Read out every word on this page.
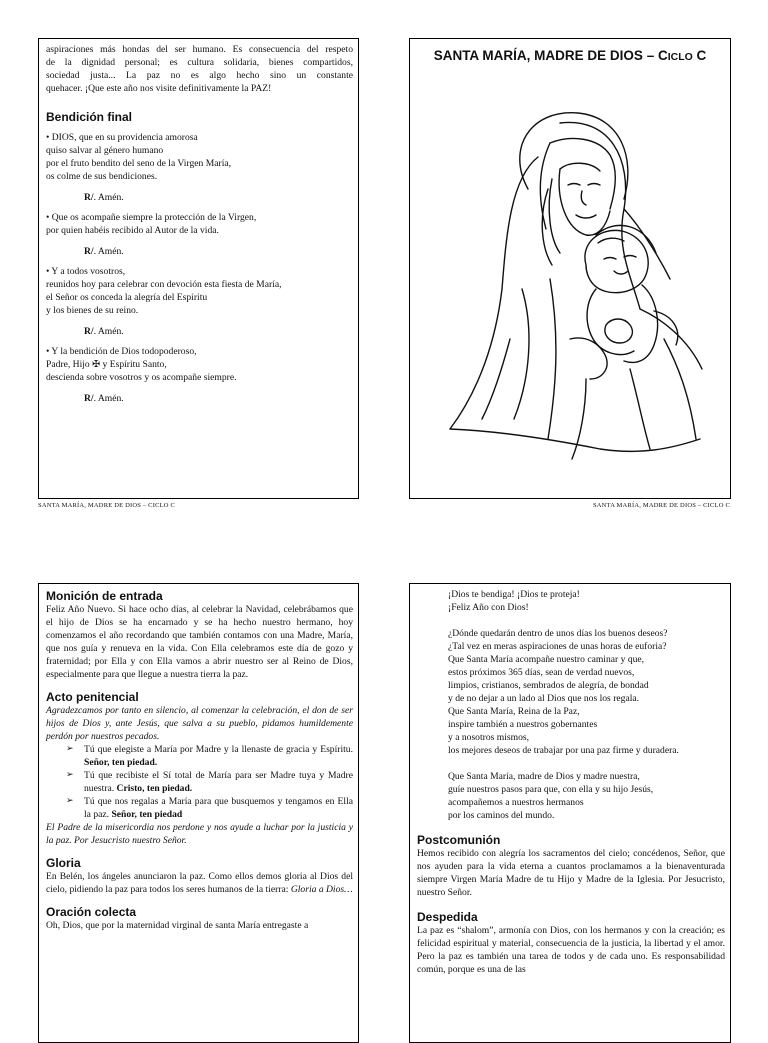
aspiraciones más hondas del ser humano. Es consecuencia del respeto

de la dignidad personal; es cultura solidaria, bienes compartidos,

sociedad justa... La paz no es algo hecho sino un constante

quehacer. ¡Que este año nos visite definitivamente la PAZ!

Bendición final

• DIOS, que en su providencia amorosa

quiso salvar al género humano

por el fruto bendito del seno de la Virgen María,

os colme de sus bendiciones.

R/. Amén.

• Que os acompañe siempre la protección de la Virgen,

por quien habéis recibido al Autor de la vida.

R/. Amén.

• Y a todos vosotros,

reunidos hoy para celebrar con devoción esta fiesta de María,

el Señor os conceda la alegría del Espíritu

y los bienes de su reino.

R/. Amén.

• Y la bendición de Dios todopoderoso,

Padre, Hijo ✠ y Espíritu Santo,

descienda sobre vosotros y os acompañe siempre.

R/. Amén.

SANTA MARÍA, MADRE DE DIOS – CICLO C
SANTA MARÍA, MADRE DE DIOS – CICLO C
SANTA MARÍA, MADRE DE DIOS – CICLO C
Monición de entrada

Feliz Año Nuevo. Si hace ocho días, al celebrar la Navidad, celebrábamos que el hijo de Dios se ha encarnado y se ha hecho nuestro hermano, hoy comenzamos el año recordando que también contamos con una Madre, María, que nos guía y renueva en la vida. Con Ella celebramos este día de gozo y fraternidad; por Ella y con Ella vamos a abrir nuestro ser al Reino de Dios, especialmente para que llegue a nuestra tierra la paz.

Acto penitencial

Agradezcamos por tanto en silencio, al comenzar la celebración, el don de ser hijos de Dios y, ante Jesús, que salva a su pueblo, pidamos humildemente perdón por nuestros pecados.

➢ Tú que elegiste a María por Madre y la llenaste de gracia y Espíritu. Señor, ten piedad.
➢ Tú que recibiste el Sí total de María para ser Madre tuya y Madre nuestra. Cristo, ten piedad.
➢ Tú que nos regalas a María para que busquemos y tengamos en Ella la paz. Señor, ten piedad

El Padre de la misericordia nos perdone y nos ayude a luchar por la justicia y la paz. Por Jesucristo nuestro Señor.

Gloria

En Belén, los ángeles anunciaron la paz. Como ellos demos gloria al Dios del cielo, pidiendo la paz para todos los seres humanos de la tierra: Gloria a Dios…

Oración colecta

Oh, Dios, que por la maternidad virginal de santa María entregaste a

¡Dios te bendiga! ¡Dios te proteja!

¡Feliz Año con Dios!

¿Dónde quedarán dentro de unos días los buenos deseos?

¿Tal vez en meras aspiraciones de unas horas de euforia?

Que Santa María acompañe nuestro caminar y que,

estos próximos 365 días, sean de verdad nuevos,

limpios, cristianos, sembrados de alegría, de bondad

y de no dejar a un lado al Dios que nos los regala.

Que Santa María, Reina de la Paz,

inspire también a nuestros gobernantes

y a nosotros mismos,

los mejores deseos de trabajar por una paz firme y duradera.

Que Santa María, madre de Dios y madre nuestra,

guíe nuestros pasos para que, con ella y su hijo Jesús,

acompañemos a nuestros hermanos

por los caminos del mundo.

Postcomunión

Hemos recibido con alegría los sacramentos del cielo; concédenos, Señor, que nos ayuden para la vida eterna a cuantos proclamamos a la bienaventurada siempre Virgen María Madre de tu Hijo y Madre de la Iglesia. Por Jesucristo, nuestro Señor.

Despedida

La paz es “shalom”, armonía con Dios, con los hermanos y con la creación; es felicidad espiritual y material, consecuencia de la justicia, la libertad y el amor. Pero la paz es también una tarea de todos y de cada uno. Es responsabilidad común, porque es una de las
